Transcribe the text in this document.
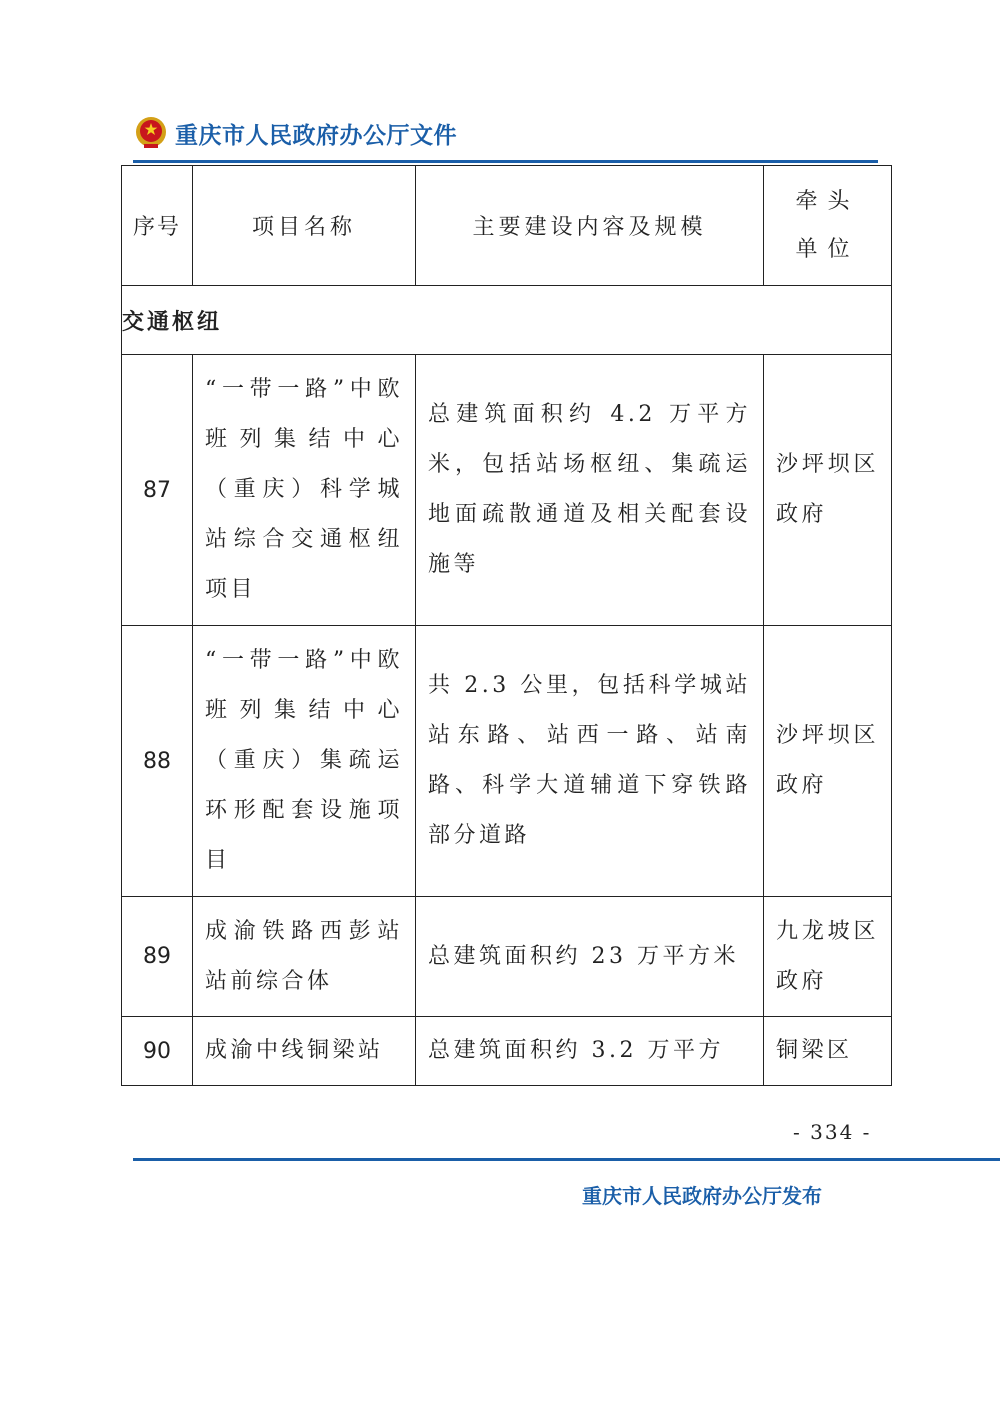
重庆市人民政府办公厅文件
序号	项目名称	主要建设内容及规模	牵头单位

交通枢纽			
87	“一带一路”中欧班列集结中心（重庆）科学城站综合交通枢纽项目	总建筑面积约 4.2 万平方米，包括站场枢纽、集疏运地面疏散通道及相关配套设施等	沙坪坝区政府

88	“一带一路”中欧班列集结中心（重庆）集疏运环形配套设施项目	共 2.3 公里，包括科学城站站东路、站西一路、站南路、科学大道辅道下穿铁路部分道路	沙坪坝区政府

89	成渝铁路西彭站站前综合体	总建筑面积约 23 万平方米	九龙坡区政府

90	成渝中线铜梁站	总建筑面积约 3.2 万平方	铜梁区
- 334 -
重庆市人民政府办公厅发布
